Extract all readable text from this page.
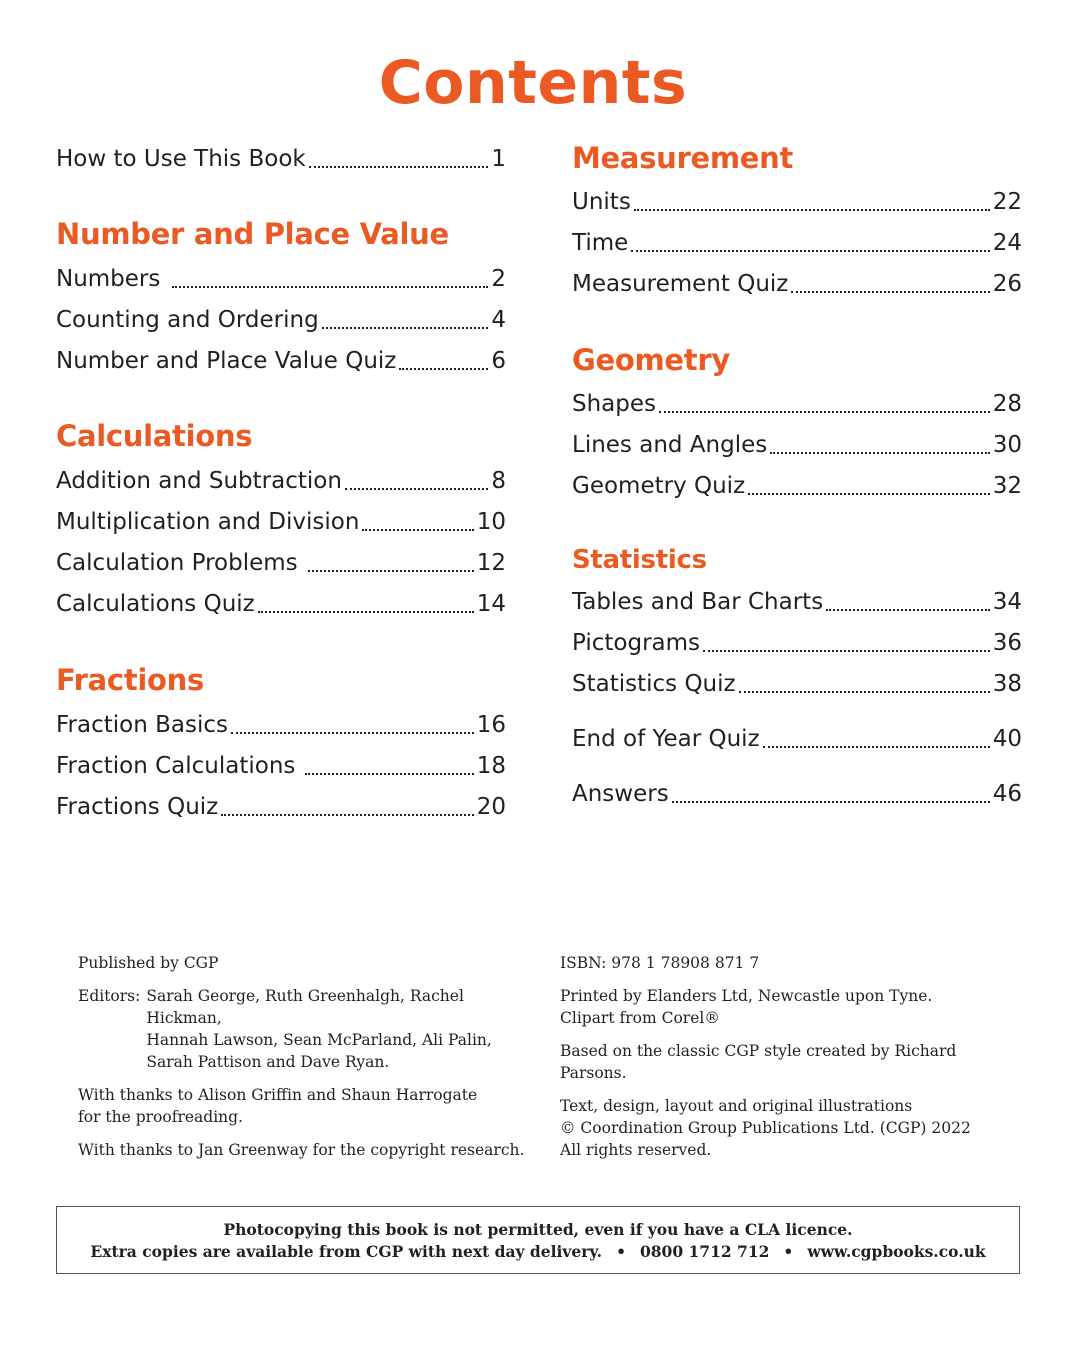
Contents
How to Use This Book	1
Number and Place Value
Numbers	2
Counting and Ordering	4
Number and Place Value Quiz	6
Calculations
Addition and Subtraction	8
Multiplication and Division	10
Calculation Problems	12
Calculations Quiz	14
Fractions
Fraction Basics	16
Fraction Calculations	18
Fractions Quiz	20
Measurement
Units	22
Time	24
Measurement Quiz	26
Geometry
Shapes	28
Lines and Angles	30
Geometry Quiz	32
Statistics
Tables and Bar Charts	34
Pictograms	36
Statistics Quiz	38
End of Year Quiz	40
Answers	46

Published by CGP

Editors: Sarah George, Ruth Greenhalgh, Rachel Hickman,
Hannah Lawson, Sean McParland, Ali Palin,
Sarah Pattison and Dave Ryan.

With thanks to Alison Griffin and Shaun Harrogate
for the proofreading.

With thanks to Jan Greenway for the copyright research.

ISBN: 978 1 78908 871 7

Printed by Elanders Ltd, Newcastle upon Tyne.
Clipart from Corel®

Based on the classic CGP style created by Richard Parsons.

Text, design, layout and original illustrations
© Coordination Group Publications Ltd. (CGP) 2022
All rights reserved.

Photocopying this book is not permitted, even if you have a CLA licence.
Extra copies are available from CGP with next day delivery. • 0800 1712 712 • www.cgpbooks.co.uk
